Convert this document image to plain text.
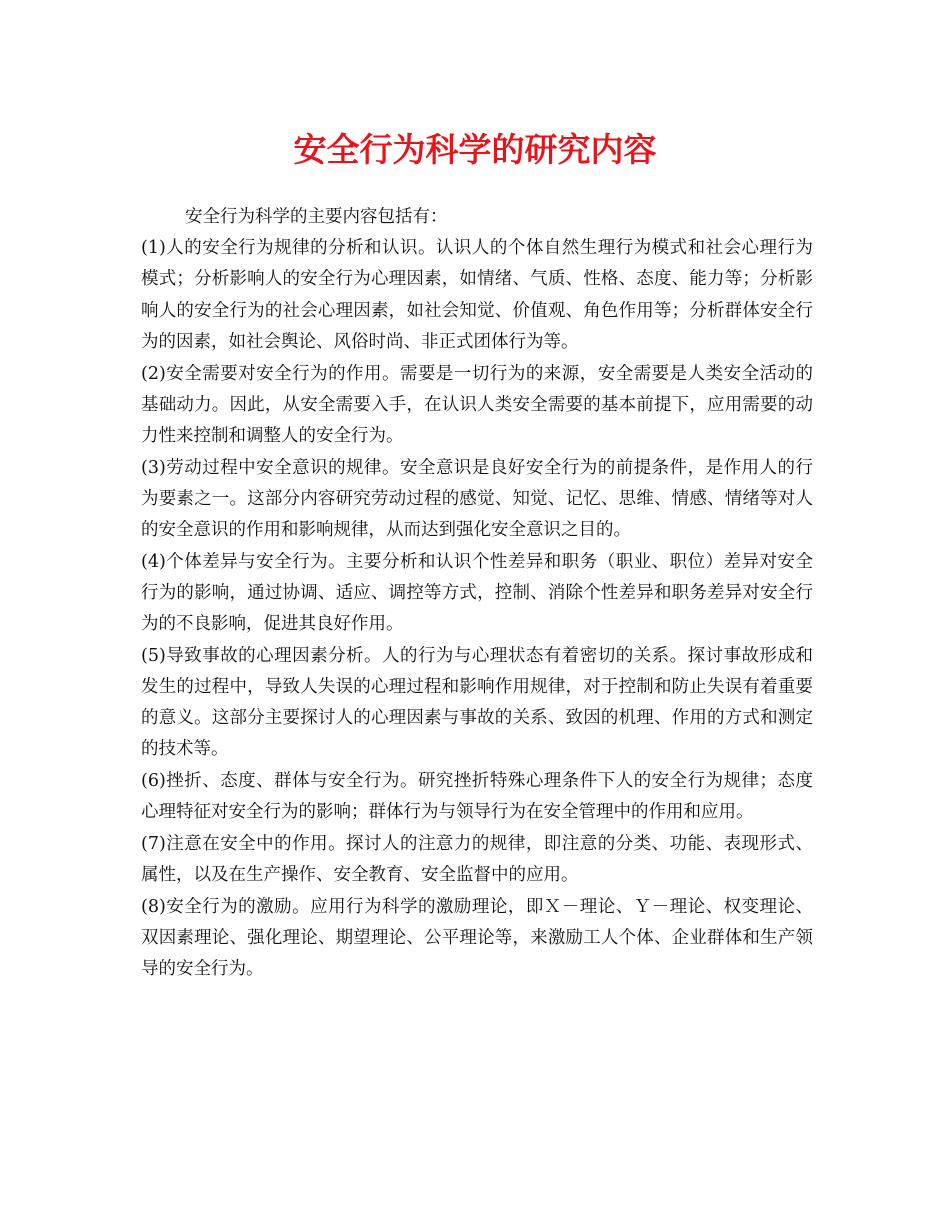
安全行为科学的研究内容

安全行为科学的主要内容包括有：

(1)人的安全行为规律的分析和认识。认识人的个体自然生理行为模式和社会心理行为模式；分析影响人的安全行为心理因素，如情绪、气质、性格、态度、能力等；分析影响人的安全行为的社会心理因素，如社会知觉、价值观、角色作用等；分析群体安全行为的因素，如社会舆论、风俗时尚、非正式团体行为等。

(2)安全需要对安全行为的作用。需要是一切行为的来源，安全需要是人类安全活动的基础动力。因此，从安全需要入手，在认识人类安全需要的基本前提下，应用需要的动力性来控制和调整人的安全行为。

(3)劳动过程中安全意识的规律。安全意识是良好安全行为的前提条件，是作用人的行为要素之一。这部分内容研究劳动过程的感觉、知觉、记忆、思维、情感、情绪等对人的安全意识的作用和影响规律，从而达到强化安全意识之目的。

(4)个体差异与安全行为。主要分析和认识个性差异和职务（职业、职位）差异对安全行为的影响，通过协调、适应、调控等方式，控制、消除个性差异和职务差异对安全行为的不良影响，促进其良好作用。

(5)导致事故的心理因素分析。人的行为与心理状态有着密切的关系。探讨事故形成和发生的过程中，导致人失误的心理过程和影响作用规律，对于控制和防止失误有着重要的意义。这部分主要探讨人的心理因素与事故的关系、致因的机理、作用的方式和测定的技术等。

(6)挫折、态度、群体与安全行为。研究挫折特殊心理条件下人的安全行为规律；态度心理特征对安全行为的影响；群体行为与领导行为在安全管理中的作用和应用。

(7)注意在安全中的作用。探讨人的注意力的规律，即注意的分类、功能、表现形式、属性，以及在生产操作、安全教育、安全监督中的应用。

(8)安全行为的激励。应用行为科学的激励理论，即Ｘ－理论、Ｙ－理论、权变理论、双因素理论、强化理论、期望理论、公平理论等，来激励工人个体、企业群体和生产领导的安全行为。
